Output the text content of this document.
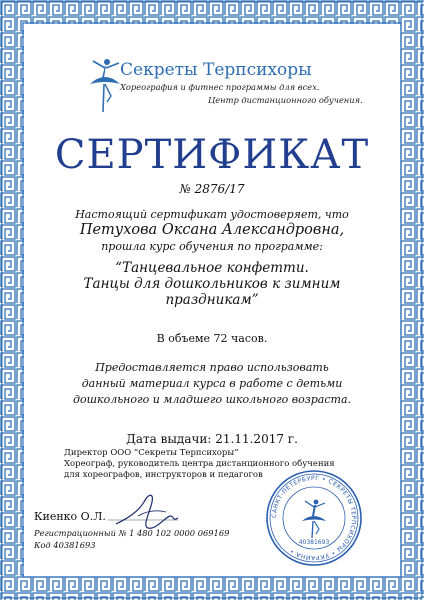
Секреты Терпсихоры
Хореография и фитнес программы для всех.
Центр дистанционного обучения.
СЕРТИФИКАТ
№ 2876/17
Настоящий сертификат удостоверяет, что
Петухова Оксана Александровна,
прошла курс обучения по программе:
“Танцевальное конфетти.
Танцы для дошкольников к зимним
праздникам”
В объеме 72 часов.
Предоставляется право использовать
данный материал курса в работе с детьми
дошкольного и младшего школьного возраста.
Дата выдачи: 21.11.2017 г.
Директор ООО “Секреты Терпсихоры”
Хореограф, руководитель центра дистанционного обучения
для хореографов, инструкторов и педагогов
Киенко О.Л.
Регистрационный № 1 480 102 0000 069169
Код 40381693
САНКТ-ПЕТЕРБУРГ • СЕКРЕТЫ ТЕРПСИХОРЫ • УКРАИНА •
40381693
